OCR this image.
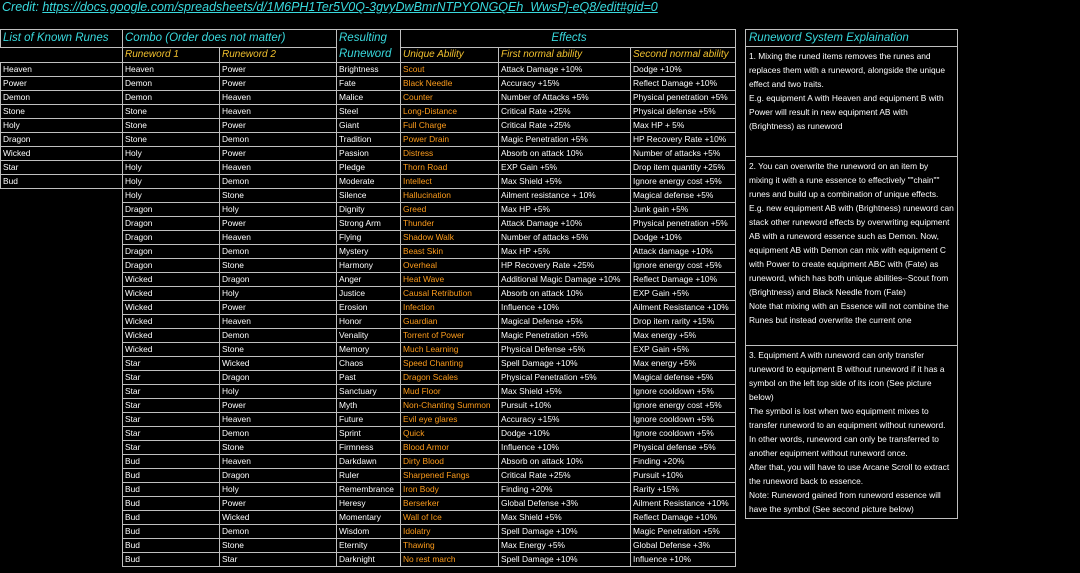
Credit: https://docs.google.com/spreadsheets/d/1M6PH1Ter5V0Q-3gvyDwBmrNTPYONGQEh_WwsPj-eQ8/edit#gid=0
List of Known Runes	Combo (Order does not matter)		Resulting Runeword	Effects		
	Runeword 1	Runeword 2		Unique Ability	First normal ability	Second normal ability
Heaven	Heaven	Power	Brightness	Scout	Attack Damage +10%	Dodge +10%
Power	Demon	Power	Fate	Black Needle	Accuracy +15%	Reflect Damage +10%
Demon	Demon	Heaven	Malice	Counter	Number of Attacks +5%	Physical penetration +5%
Stone	Stone	Heaven	Steel	Long-Distance	Critical Rate +25%	Physical defense +5%
Holy	Stone	Power	Giant	Full Charge	Critical Rate +25%	Max HP + 5%
Dragon	Stone	Demon	Tradition	Power Drain	Magic Penetration +5%	HP Recovery Rate +10%
Wicked	Holy	Power	Passion	Distress	Absorb on attack 10%	Number of attacks +5%
Star	Holy	Heaven	Pledge	Thorn Road	EXP Gain +5%	Drop item quantity +25%
Bud	Holy	Demon	Moderate	Intellect	Max Shield +5%	Ignore energy cost +5%
	Holy	Stone	Silence	Hallucination	Ailment resistance + 10%	Magical defense +5%
	Dragon	Holy	Dignity	Greed	Max HP +5%	Junk gain +5%
	Dragon	Power	Strong Arm	Thunder	Attack Damage +10%	Physical penetration +5%
	Dragon	Heaven	Flying	Shadow Walk	Number of attacks +5%	Dodge +10%
	Dragon	Demon	Mystery	Beast Skin	Max HP +5%	Attack damage +10%
	Dragon	Stone	Harmony	Overheal	HP Recovery Rate +25%	Ignore energy cost +5%
	Wicked	Dragon	Anger	Heat Wave	Additional Magic Damage +10%	Reflect Damage +10%
	Wicked	Holy	Justice	Causal Retribution	Absorb on attack 10%	EXP Gain +5%
	Wicked	Power	Erosion	Infection	Influence +10%	Ailment Resistance +10%
	Wicked	Heaven	Honor	Guardian	Magical Defense +5%	Drop item rarity +15%
	Wicked	Demon	Venality	Torrent of Power	Magic Penetration +5%	Max energy +5%
	Wicked	Stone	Memory	Much Learning	Physical Defense +5%	EXP Gain +5%
	Star	Wicked	Chaos	Speed Chanting	Spell Damage +10%	Max energy +5%
	Star	Dragon	Past	Dragon Scales	Physical Penetration +5%	Magical defense +5%
	Star	Holy	Sanctuary	Mud Floor	Max Shield +5%	Ignore cooldown +5%
	Star	Power	Myth	Non-Chanting Summon	Pursuit +10%	Ignore energy cost +5%
	Star	Heaven	Future	Evil eye glares	Accuracy +15%	Ignore cooldown +5%
	Star	Demon	Sprint	Quick	Dodge +10%	Ignore cooldown +5%
	Star	Stone	Firmness	Blood Armor	Influence +10%	Physical defense +5%
	Bud	Heaven	Darkdawn	Dirty Blood	Absorb on attack 10%	Finding +20%
	Bud	Dragon	Ruler	Sharpened Fangs	Critical Rate +25%	Pursuit +10%
	Bud	Holy	Remembrance	Iron Body	Finding +20%	Rarity +15%
	Bud	Power	Heresy	Berserker	Global Defense +3%	Ailment Resistance +10%
	Bud	Wicked	Momentary	Wall of Ice	Max Shield +5%	Reflect Damage +10%
	Bud	Demon	Wisdom	Idolatry	Spell Damage +10%	Magic Penetration +5%
	Bud	Stone	Eternity	Thawing	Max Energy +5%	Global Defense +3%
	Bud	Star	Darknight	No rest march	Spell Damage +10%	Influence +10%
Runeword System Explaination

1. Mixing the runed items removes the runes and replaces them with a runeword, alongside the unique effect and two traits.

E.g. equipment A with Heaven and equipment B with Power will result in new equipment AB with (Brightness) as runeword

2. You can overwrite the runeword on an item by mixing it with a rune essence to effectively ""chain"" runes and build up a combination of unique effects.

E.g. new equipment AB with (Brightness) runeword can stack other runeword effects by overwriting equipment AB with a runeword essence such as Demon. Now, equipment AB with Demon can mix with equipment C with Power to create equipment ABC with (Fate) as runeword, which has both unique abilities--Scout from (Brightness) and Black Needle from (Fate)

Note that mixing with an Essence will not combine the Runes but instead overwrite the current one

3. Equipment A with runeword can only transfer runeword to equipment B without runeword if it has a symbol on the left top side of its icon (See picture below)

The symbol is lost when two equipment mixes to transfer runeword to an equipment without runeword. In other words, runeword can only be transferred to another equipment without runeword once.

After that, you will have to use Arcane Scroll to extract the runeword back to essence.

Note: Runeword gained from runeword essence will have the symbol (See second picture below)
